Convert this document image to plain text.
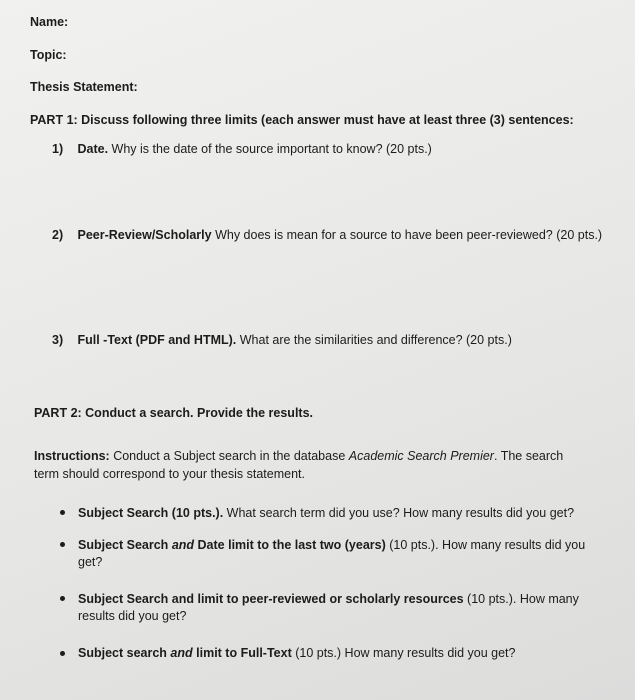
Name:
Topic:
Thesis Statement:
PART 1: Discuss following three limits (each answer must have at least three (3) sentences:
1) Date. Why is the date of the source important to know? (20 pts.)
2) Peer-Review/Scholarly Why does is mean for a source to have been peer-reviewed? (20 pts.)
3) Full -Text (PDF and HTML). What are the similarities and difference? (20 pts.)
PART 2: Conduct a search. Provide the results.
Instructions: Conduct a Subject search in the database Academic Search Premier. The search term should correspond to your thesis statement.
Subject Search (10 pts.). What search term did you use? How many results did you get?
Subject Search and Date limit to the last two (years) (10 pts.). How many results did you get?
Subject Search and limit to peer-reviewed or scholarly resources (10 pts.). How many results did you get?
Subject search and limit to Full-Text (10 pts.) How many results did you get?
